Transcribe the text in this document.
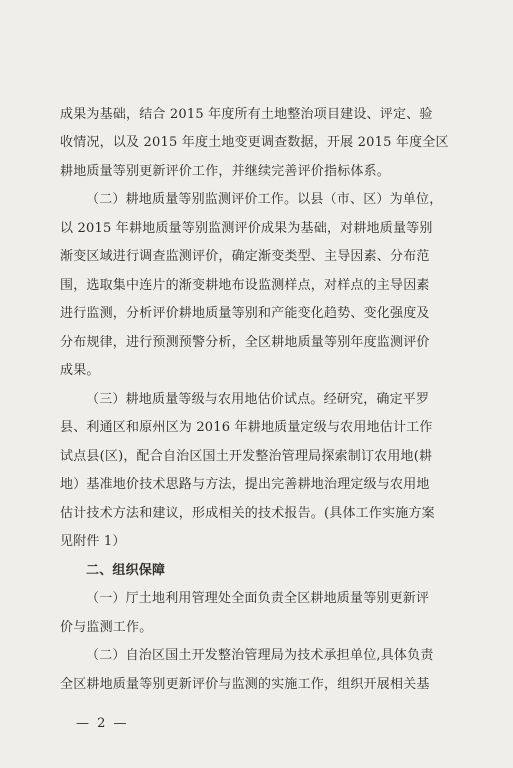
成果为基础，结合 2015 年度所有土地整治项目建设、评定、验
收情况，以及 2015 年度土地变更调查数据，开展 2015 年度全区
耕地质量等别更新评价工作，并继续完善评价指标体系。
（二）耕地质量等别监测评价工作。以县（市、区）为单位，
以 2015 年耕地质量等别监测评价成果为基础，对耕地质量等别
渐变区域进行调查监测评价，确定渐变类型、主导因素、分布范
围，选取集中连片的渐变耕地布设监测样点，对样点的主导因素
进行监测，分析评价耕地质量等别和产能变化趋势、变化强度及
分布规律，进行预测预警分析，全区耕地质量等别年度监测评价
成果。
（三）耕地质量等级与农用地估价试点。经研究，确定平罗
县、利通区和原州区为 2016 年耕地质量定级与农用地估计工作
试点县(区)，配合自治区国土开发整治管理局探索制订农用地(耕
地）基准地价技术思路与方法，提出完善耕地治理定级与农用地
估计技术方法和建议，形成相关的技术报告。(具体工作实施方案
见附件 1）
二、组织保障
（一）厅土地利用管理处全面负责全区耕地质量等别更新评
价与监测工作。
（二）自治区国土开发整治管理局为技术承担单位,具体负责
全区耕地质量等别更新评价与监测的实施工作，组织开展相关基
— 2 —
